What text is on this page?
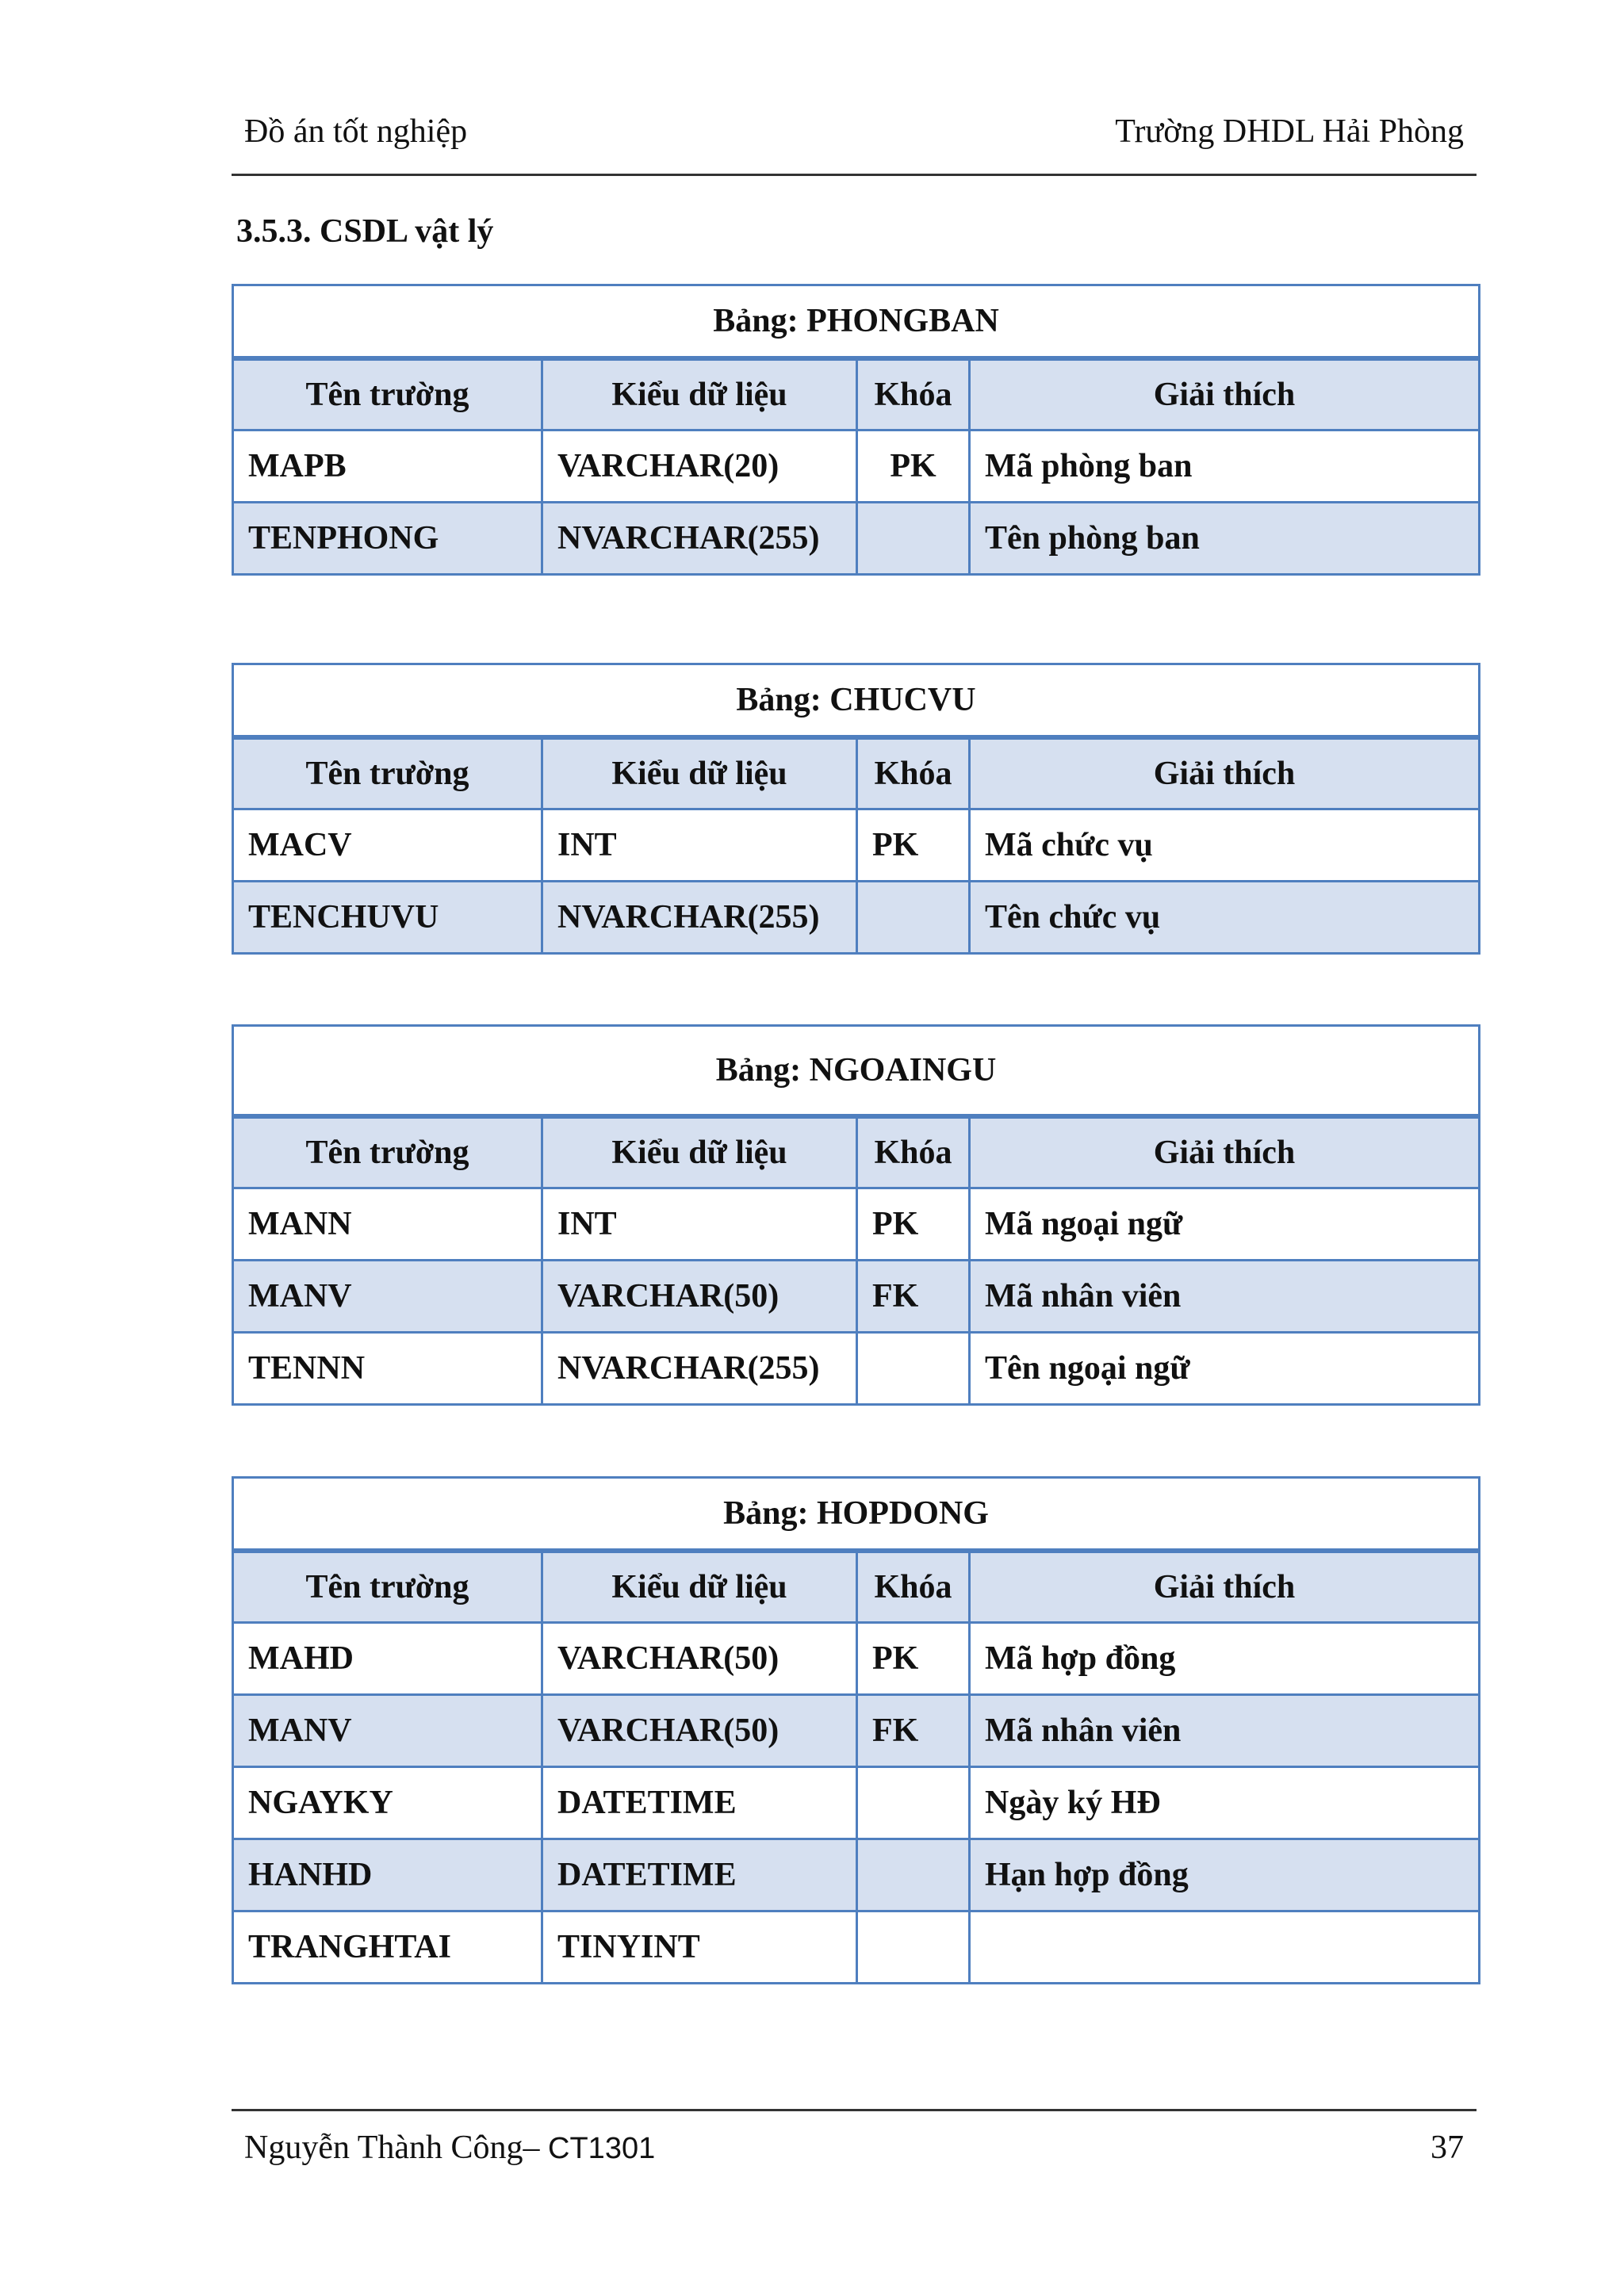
Đồ án tốt nghiệp	Trường DHDL Hải Phòng
3.5.3. CSDL vật lý
Bảng: PHONGBAN			
Tên trường	Kiểu dữ liệu	Khóa	Giải thích
MAPB	VARCHAR(20)	PK	Mã phòng ban
TENPHONG	NVARCHAR(255)		Tên phòng ban
Bảng: CHUCVU			
Tên trường	Kiểu dữ liệu	Khóa	Giải thích
MACV	INT	PK	Mã chức vụ
TENCHUVU	NVARCHAR(255)		Tên chức vụ
Bảng: NGOAINGU			
Tên trường	Kiểu dữ liệu	Khóa	Giải thích
MANN	INT	PK	Mã ngoại ngữ
MANV	VARCHAR(50)	FK	Mã nhân viên
TENNN	NVARCHAR(255)		Tên ngoại ngữ
Bảng: HOPDONG			
Tên trường	Kiểu dữ liệu	Khóa	Giải thích
MAHD	VARCHAR(50)	PK	Mã hợp đồng
MANV	VARCHAR(50)	FK	Mã nhân viên
NGAYKY	DATETIME		Ngày ký HĐ
HANHD	DATETIME		Hạn hợp đồng
TRANGHTAI	TINYINT		
Nguyễn Thành Công– CT1301	37
